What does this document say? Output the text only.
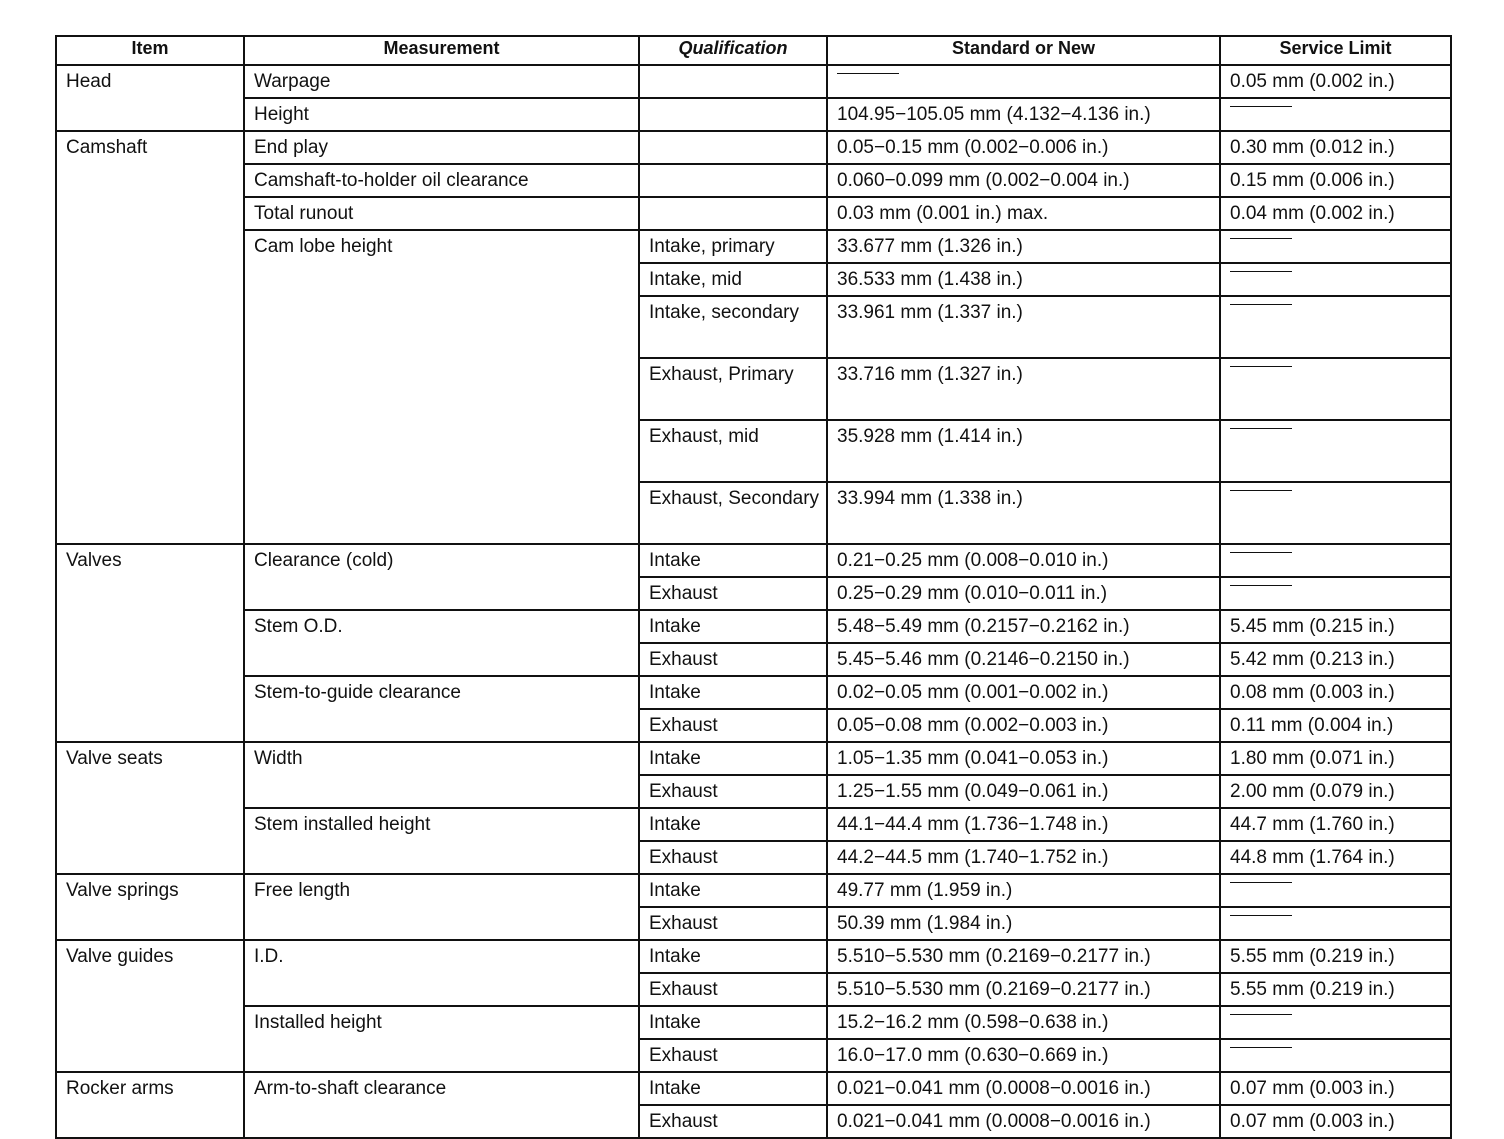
Item	Measurement	Qualification	Standard or New	Service Limit
Head	Warpage			0.05 mm (0.002 in.)
	Height		104.95−105.05 mm (4.132−4.136 in.)	
Camshaft	End play		0.05−0.15 mm (0.002−0.006 in.)	0.30 mm (0.012 in.)
	Camshaft-to-holder oil clearance		0.060−0.099 mm (0.002−0.004 in.)	0.15 mm (0.006 in.)
	Total runout		0.03 mm (0.001 in.) max.	0.04 mm (0.002 in.)
	Cam lobe height	Intake, primary	33.677 mm (1.326 in.)	
		Intake, mid	36.533 mm (1.438 in.)	
		Intake, secondary	33.961 mm (1.337 in.)	
		Exhaust, Primary	33.716 mm (1.327 in.)	
		Exhaust, mid	35.928 mm (1.414 in.)	
		Exhaust, Secondary	33.994 mm (1.338 in.)	
Valves	Clearance (cold)	Intake	0.21−0.25 mm (0.008−0.010 in.)	
		Exhaust	0.25−0.29 mm (0.010−0.011 in.)	
	Stem O.D.	Intake	5.48−5.49 mm (0.2157−0.2162 in.)	5.45 mm (0.215 in.)
		Exhaust	5.45−5.46 mm (0.2146−0.2150 in.)	5.42 mm (0.213 in.)
	Stem-to-guide clearance	Intake	0.02−0.05 mm (0.001−0.002 in.)	0.08 mm (0.003 in.)
		Exhaust	0.05−0.08 mm (0.002−0.003 in.)	0.11 mm (0.004 in.)
Valve seats	Width	Intake	1.05−1.35 mm (0.041−0.053 in.)	1.80 mm (0.071 in.)
		Exhaust	1.25−1.55 mm (0.049−0.061 in.)	2.00 mm (0.079 in.)
	Stem installed height	Intake	44.1−44.4 mm (1.736−1.748 in.)	44.7 mm (1.760 in.)
		Exhaust	44.2−44.5 mm (1.740−1.752 in.)	44.8 mm (1.764 in.)
Valve springs	Free length	Intake	49.77 mm (1.959 in.)	
		Exhaust	50.39 mm (1.984 in.)	
Valve guides	I.D.	Intake	5.510−5.530 mm (0.2169−0.2177 in.)	5.55 mm (0.219 in.)
		Exhaust	5.510−5.530 mm (0.2169−0.2177 in.)	5.55 mm (0.219 in.)
	Installed height	Intake	15.2−16.2 mm (0.598−0.638 in.)	
		Exhaust	16.0−17.0 mm (0.630−0.669 in.)	
Rocker arms	Arm-to-shaft clearance	Intake	0.021−0.041 mm (0.0008−0.0016 in.)	0.07 mm (0.003 in.)
		Exhaust	0.021−0.041 mm (0.0008−0.0016 in.)	0.07 mm (0.003 in.)
